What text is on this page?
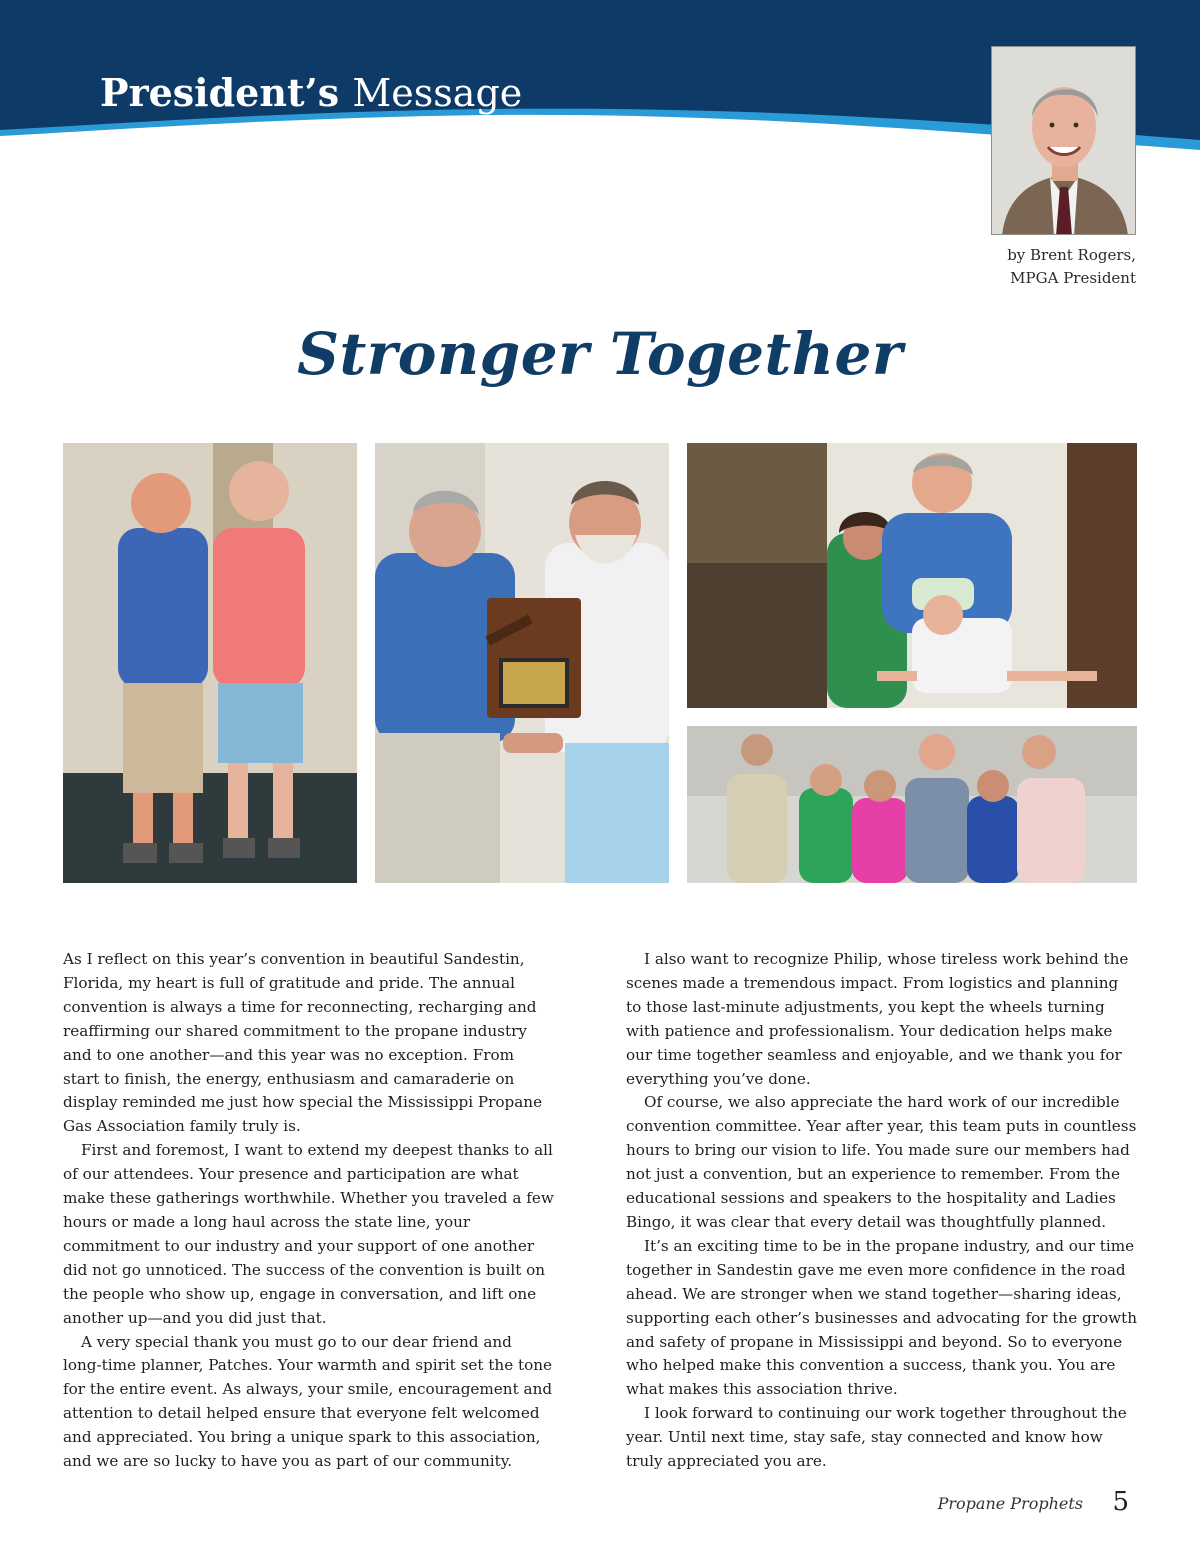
President’s Message
by Brent Rogers,
MPGA President
Stronger Together

As I reflect on this year’s convention in beautiful Sandestin, Florida, my heart is full of gratitude and pride. The annual convention is always a time for reconnecting, recharging and reaffirming our shared commitment to the propane industry and to one another—and this year was no exception. From start to finish, the energy, enthusiasm and camaraderie on display reminded me just how special the Mississippi Propane Gas Association family truly is.

First and foremost, I want to extend my deepest thanks to all of our attendees. Your presence and participation are what make these gatherings worthwhile. Whether you traveled a few hours or made a long haul across the state line, your commitment to our industry and your support of one another did not go unnoticed. The success of the convention is built on the people who show up, engage in conversation, and lift one another up—and you did just that.

A very special thank you must go to our dear friend and long-time planner, Patches. Your warmth and spirit set the tone for the entire event. As always, your smile, encouragement and attention to detail helped ensure that everyone felt welcomed and appreciated. You bring a unique spark to this association, and we are so lucky to have you as part of our community.

I also want to recognize Philip, whose tireless work behind the scenes made a tremendous impact. From logistics and planning to those last-minute adjustments, you kept the wheels turning with patience and professionalism. Your dedication helps make our time together seamless and enjoyable, and we thank you for everything you’ve done.

Of course, we also appreciate the hard work of our incredible convention committee. Year after year, this team puts in countless hours to bring our vision to life. You made sure our members had not just a convention, but an experience to remember. From the educational sessions and speakers to the hospitality and Ladies Bingo, it was clear that every detail was thoughtfully planned.

It’s an exciting time to be in the propane industry, and our time together in Sandestin gave me even more confidence in the road ahead. We are stronger when we stand together—sharing ideas, supporting each other’s businesses and advocating for the growth and safety of propane in Mississippi and beyond. So to everyone who helped make this convention a success, thank you. You are what makes this association thrive.

I look forward to continuing our work together throughout the year. Until next time, stay safe, stay connected and know how truly appreciated you are.

Propane Prophets 5
